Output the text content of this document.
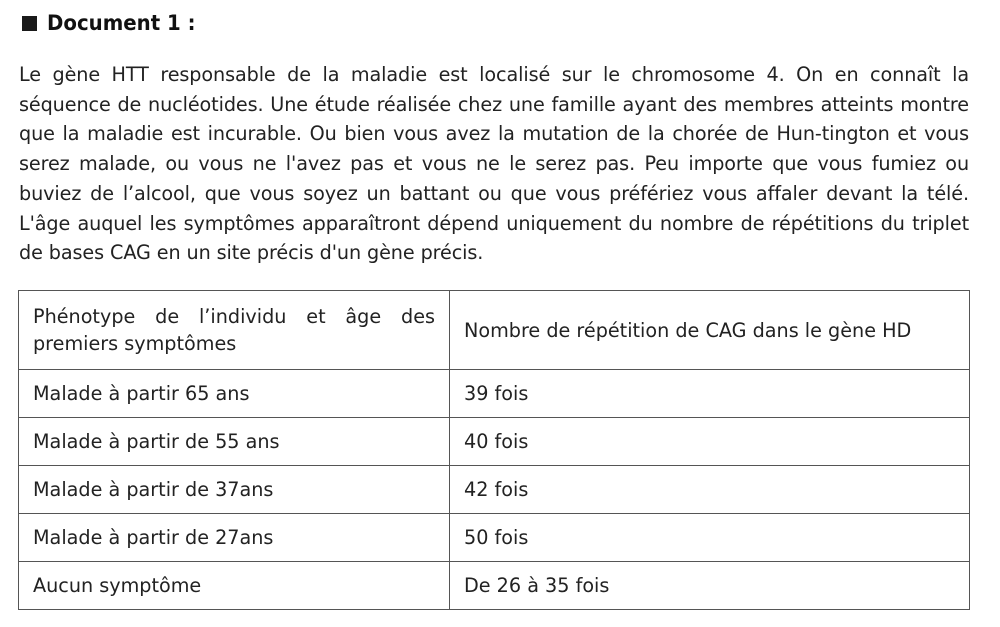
Document 1 :

Le gène HTT responsable de la maladie est localisé sur le chromosome 4. On en connaît la séquence de nucléotides. Une étude réalisée chez une famille ayant des membres atteints montre que la maladie est incurable. Ou bien vous avez la mutation de la chorée de Hun-tington et vous serez malade, ou vous ne l'avez pas et vous ne le serez pas. Peu importe que vous fumiez ou buviez de l’alcool, que vous soyez un battant ou que vous préfériez vous affaler devant la télé. L'âge auquel les symptômes apparaîtront dépend uniquement du nombre de répétitions du triplet de bases CAG en un site précis d'un gène précis.

Phénotype de l’individu et âge des premiers symptômes	Nombre de répétition de CAG dans le gène HD
Malade à partir 65 ans	39 fois
Malade à partir de 55 ans	40 fois
Malade à partir de 37ans	42 fois
Malade à partir de 27ans	50 fois
Aucun symptôme	De 26 à 35 fois
